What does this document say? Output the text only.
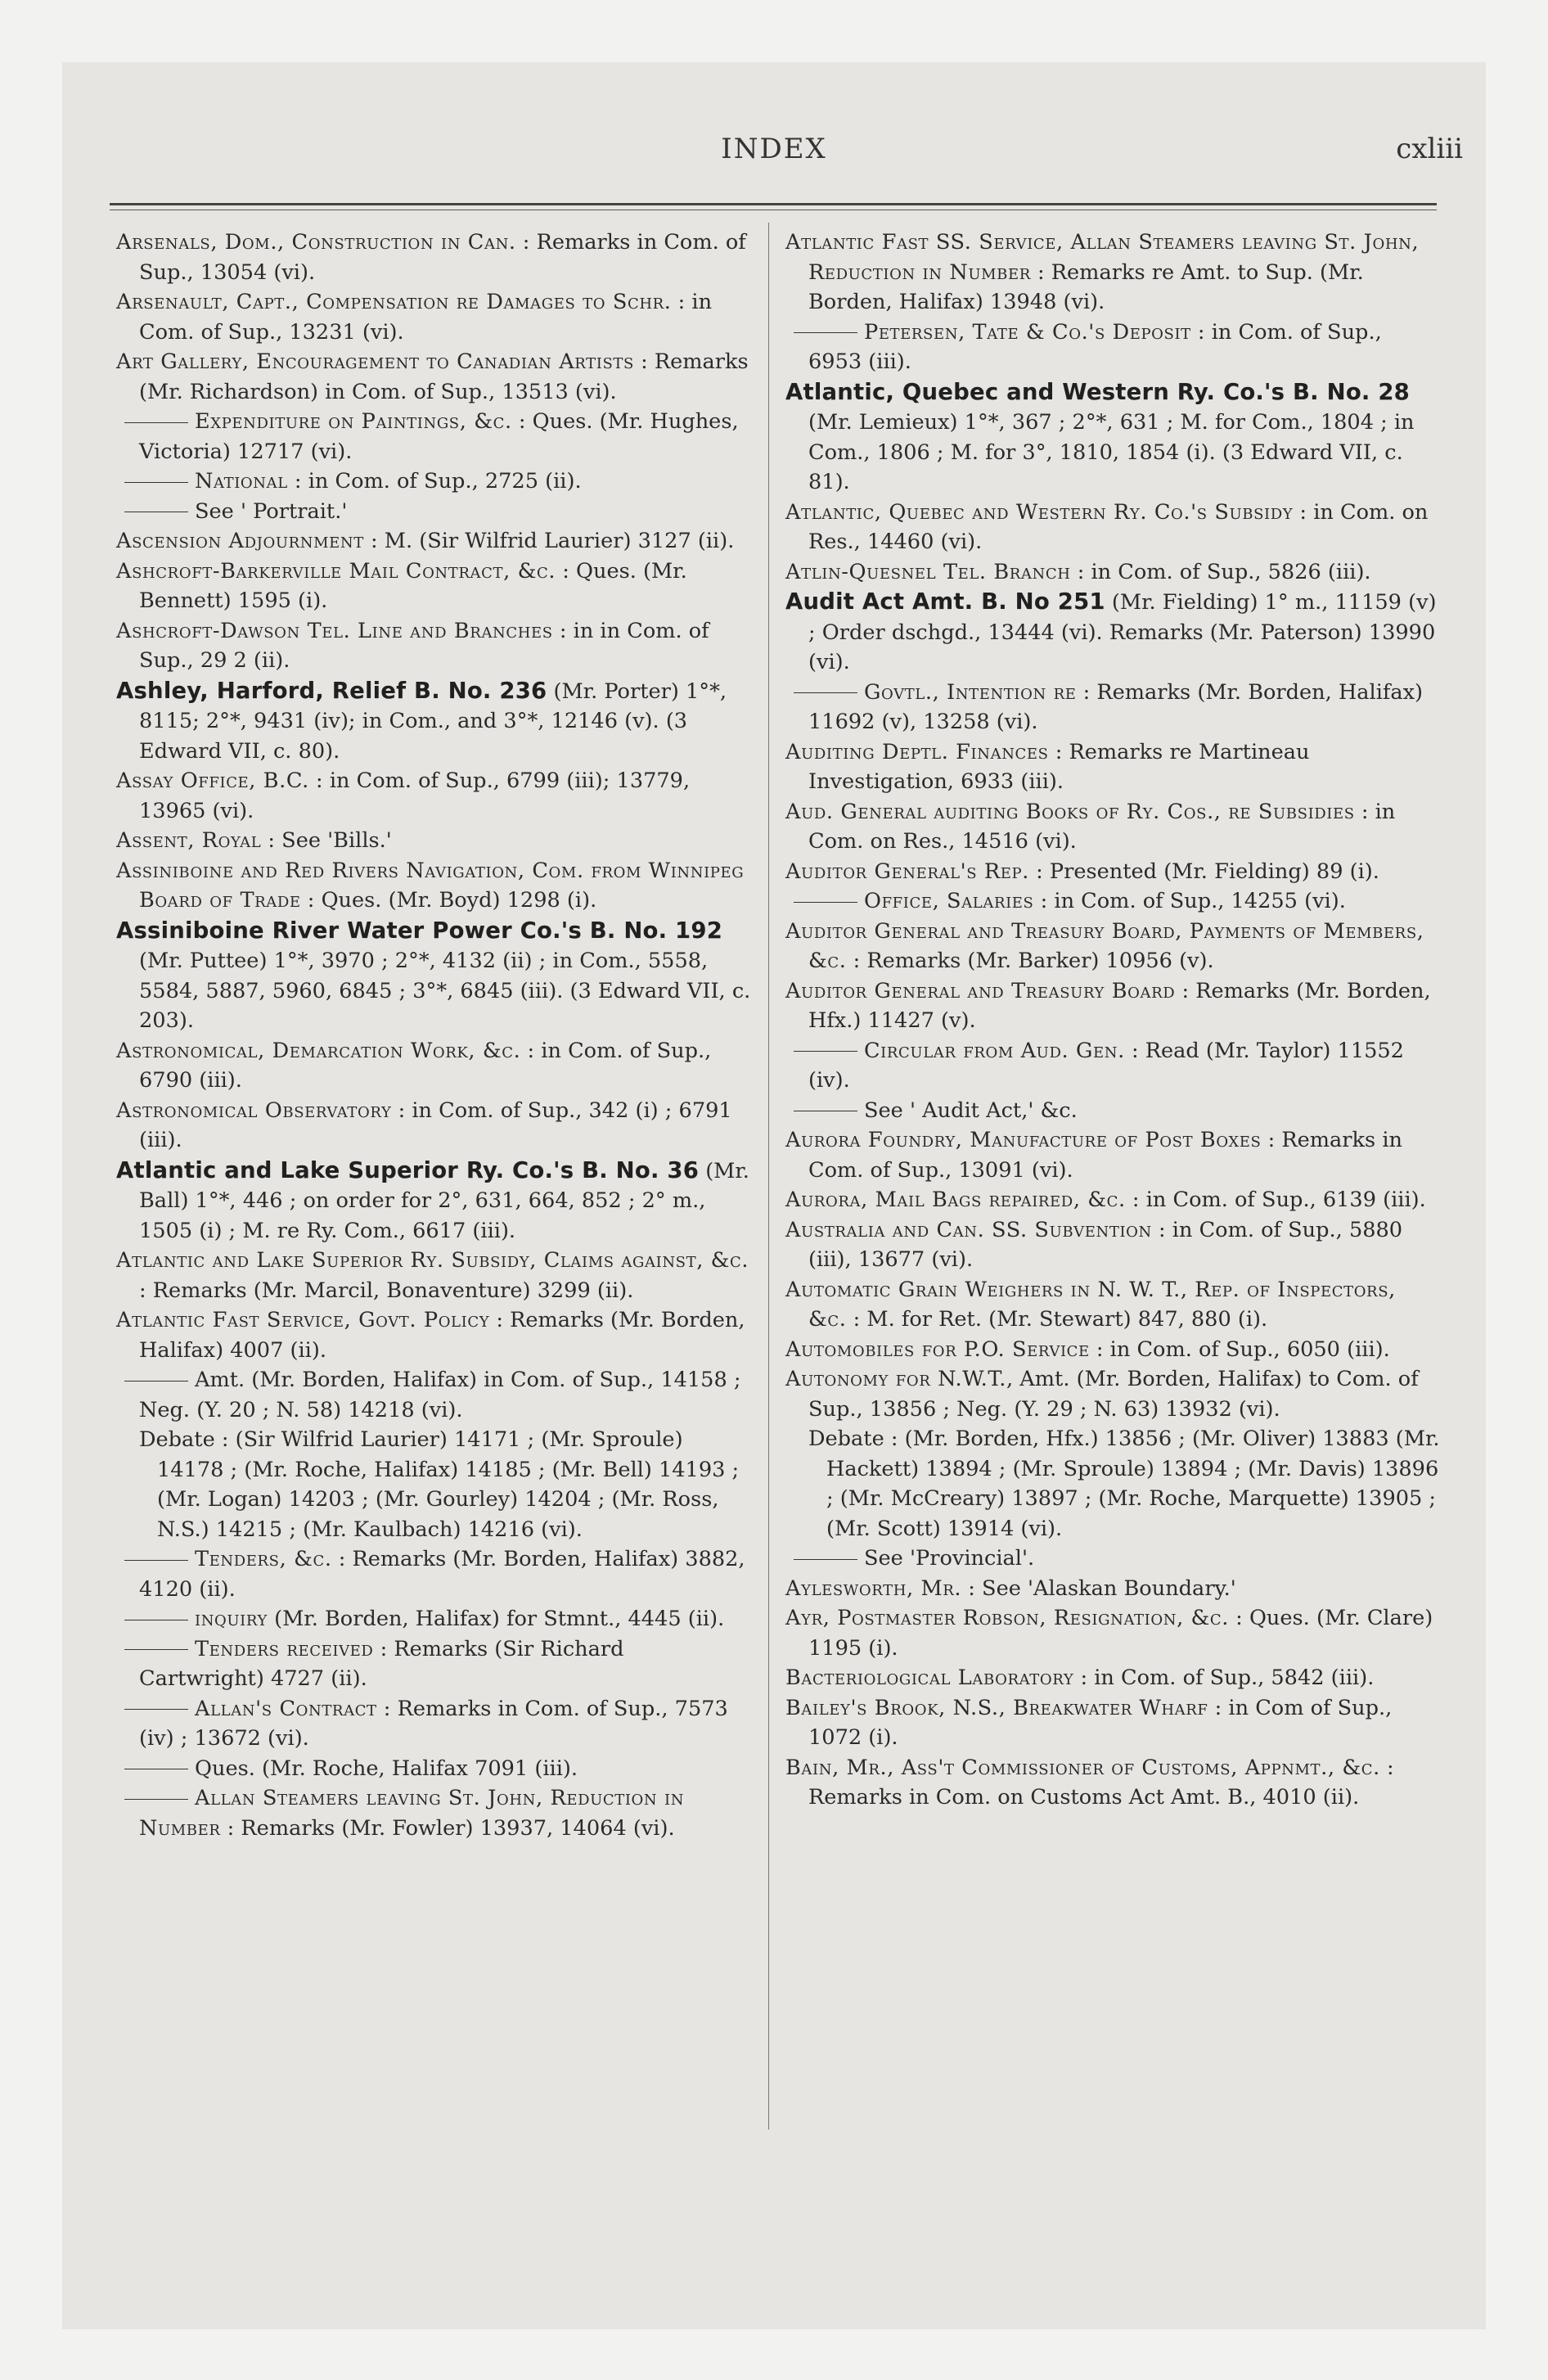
INDEX	cxliii

Arsenals, Dom., Construction in Can. : Remarks in Com. of Sup., 13054 (vi).

Arsenault, Capt., Compensation re Damages to Schr. : in Com. of Sup., 13231 (vi).

Art Gallery, Encouragement to Canadian Artists : Remarks (Mr. Richardson) in Com. of Sup., 13513 (vi).

Expenditure on Paintings, &c. : Ques. (Mr. Hughes, Victoria) 12717 (vi).

National : in Com. of Sup., 2725 (ii).

See ' Portrait.'

Ascension Adjournment : M. (Sir Wilfrid Laurier) 3127 (ii).

Ashcroft-Barkerville Mail Contract, &c. : Ques. (Mr. Bennett) 1595 (i).

Ashcroft-Dawson Tel. Line and Branches : in in Com. of Sup., 29 2 (ii).

Ashley, Harford, Relief B. No. 236 (Mr. Porter) 1°*, 8115; 2°*, 9431 (iv); in Com., and 3°*, 12146 (v). (3 Edward VII, c. 80).

Assay Office, B.C. : in Com. of Sup., 6799 (iii); 13779, 13965 (vi).

Assent, Royal : See 'Bills.'

Assiniboine and Red Rivers Navigation, Com. from Winnipeg Board of Trade : Ques. (Mr. Boyd) 1298 (i).

Assiniboine River Water Power Co.'s B. No. 192 (Mr. Puttee) 1°*, 3970 ; 2°*, 4132 (ii) ; in Com., 5558, 5584, 5887, 5960, 6845 ; 3°*, 6845 (iii). (3 Edward VII, c. 203).

Astronomical, Demarcation Work, &c. : in Com. of Sup., 6790 (iii).

Astronomical Observatory : in Com. of Sup., 342 (i) ; 6791 (iii).

Atlantic and Lake Superior Ry. Co.'s B. No. 36 (Mr. Ball) 1°*, 446 ; on order for 2°, 631, 664, 852 ; 2° m., 1505 (i) ; M. re Ry. Com., 6617 (iii).

Atlantic and Lake Superior Ry. Subsidy, Claims against, &c. : Remarks (Mr. Marcil, Bonaventure) 3299 (ii).

Atlantic Fast Service, Govt. Policy : Remarks (Mr. Borden, Halifax) 4007 (ii).

Amt. (Mr. Borden, Halifax) in Com. of Sup., 14158 ; Neg. (Y. 20 ; N. 58) 14218 (vi).

Debate : (Sir Wilfrid Laurier) 14171 ; (Mr. Sproule) 14178 ; (Mr. Roche, Halifax) 14185 ; (Mr. Bell) 14193 ; (Mr. Logan) 14203 ; (Mr. Gourley) 14204 ; (Mr. Ross, N.S.) 14215 ; (Mr. Kaulbach) 14216 (vi).

Tenders, &c. : Remarks (Mr. Borden, Halifax) 3882, 4120 (ii).

inquiry (Mr. Borden, Halifax) for Stmnt., 4445 (ii).

Tenders received : Remarks (Sir Richard Cartwright) 4727 (ii).

Allan's Contract : Remarks in Com. of Sup., 7573 (iv) ; 13672 (vi).

Ques. (Mr. Roche, Halifax 7091 (iii).

Allan Steamers leaving St. John, Reduction in Number : Remarks (Mr. Fowler) 13937, 14064 (vi).

Atlantic Fast SS. Service, Allan Steamers leaving St. John, Reduction in Number : Remarks re Amt. to Sup. (Mr. Borden, Halifax) 13948 (vi).

Petersen, Tate & Co.'s Deposit : in Com. of Sup., 6953 (iii).

Atlantic, Quebec and Western Ry. Co.'s B. No. 28 (Mr. Lemieux) 1°*, 367 ; 2°*, 631 ; M. for Com., 1804 ; in Com., 1806 ; M. for 3°, 1810, 1854 (i). (3 Edward VII, c. 81).

Atlantic, Quebec and Western Ry. Co.'s Subsidy : in Com. on Res., 14460 (vi).

Atlin-Quesnel Tel. Branch : in Com. of Sup., 5826 (iii).

Audit Act Amt. B. No 251 (Mr. Fielding) 1° m., 11159 (v) ; Order dschgd., 13444 (vi). Remarks (Mr. Paterson) 13990 (vi).

Govtl., Intention re : Remarks (Mr. Borden, Halifax) 11692 (v), 13258 (vi).

Auditing Deptl. Finances : Remarks re Martineau Investigation, 6933 (iii).

Aud. General auditing Books of Ry. Cos., re Subsidies : in Com. on Res., 14516 (vi).

Auditor General's Rep. : Presented (Mr. Fielding) 89 (i).

Office, Salaries : in Com. of Sup., 14255 (vi).

Auditor General and Treasury Board, Payments of Members, &c. : Remarks (Mr. Barker) 10956 (v).

Auditor General and Treasury Board : Remarks (Mr. Borden, Hfx.) 11427 (v).

Circular from Aud. Gen. : Read (Mr. Taylor) 11552 (iv).

See ' Audit Act,' &c.

Aurora Foundry, Manufacture of Post Boxes : Remarks in Com. of Sup., 13091 (vi).

Aurora, Mail Bags repaired, &c. : in Com. of Sup., 6139 (iii).

Australia and Can. SS. Subvention : in Com. of Sup., 5880 (iii), 13677 (vi).

Automatic Grain Weighers in N. W. T., Rep. of Inspectors, &c. : M. for Ret. (Mr. Stewart) 847, 880 (i).

Automobiles for P.O. Service : in Com. of Sup., 6050 (iii).

Autonomy for N.W.T., Amt. (Mr. Borden, Halifax) to Com. of Sup., 13856 ; Neg. (Y. 29 ; N. 63) 13932 (vi).

Debate : (Mr. Borden, Hfx.) 13856 ; (Mr. Oliver) 13883 (Mr. Hackett) 13894 ; (Mr. Sproule) 13894 ; (Mr. Davis) 13896 ; (Mr. McCreary) 13897 ; (Mr. Roche, Marquette) 13905 ; (Mr. Scott) 13914 (vi).

See 'Provincial'.

Aylesworth, Mr. : See 'Alaskan Boundary.'

Ayr, Postmaster Robson, Resignation, &c. : Ques. (Mr. Clare) 1195 (i).

Bacteriological Laboratory : in Com. of Sup., 5842 (iii).

Bailey's Brook, N.S., Breakwater Wharf : in Com of Sup., 1072 (i).

Bain, Mr., Ass't Commissioner of Customs, Appnmt., &c. : Remarks in Com. on Customs Act Amt. B., 4010 (ii).
